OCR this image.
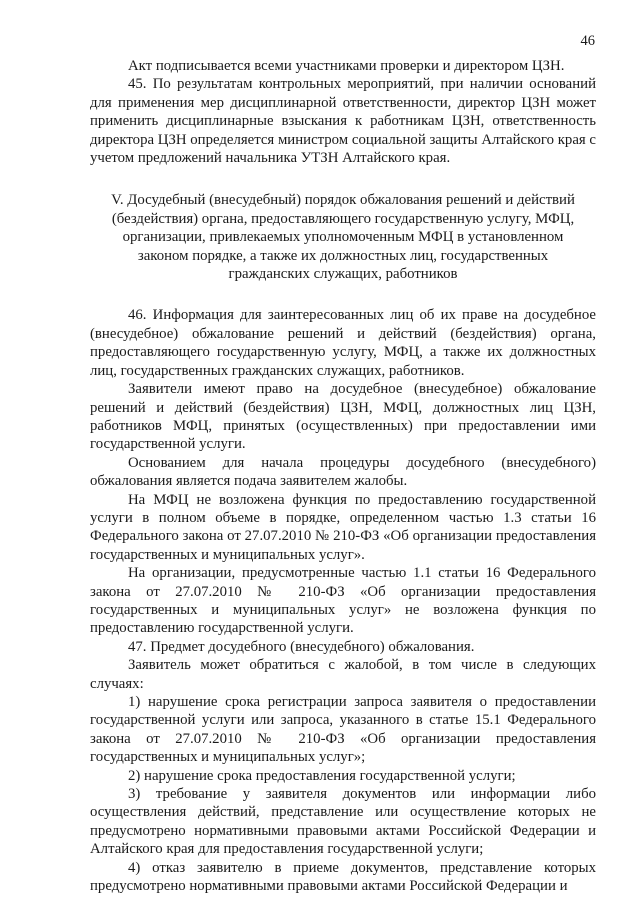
46

Акт подписывается всеми участниками проверки и директором ЦЗН.

45. По результатам контрольных мероприятий, при наличии оснований для применения мер дисциплинарной ответственности, директор ЦЗН может применить дисциплинарные взыскания к работникам ЦЗН, ответственность директора ЦЗН определяется министром социальной защиты Алтайского края с учетом предложений начальника УТЗН Алтайского края.

V. Досудебный (внесудебный) порядок обжалования решений и действий (бездействия) органа, предоставляющего государственную услугу, МФЦ, организации, привлекаемых уполномоченным МФЦ в установленном законом порядке, а также их должностных лиц, государственных гражданских служащих, работников

46. Информация для заинтересованных лиц об их праве на досудебное (внесудебное) обжалование решений и действий (бездействия) органа, предоставляющего государственную услугу, МФЦ, а также их должностных лиц, государственных гражданских служащих, работников.

Заявители имеют право на досудебное (внесудебное) обжалование решений и действий (бездействия) ЦЗН, МФЦ, должностных лиц ЦЗН, работников МФЦ, принятых (осуществленных) при предоставлении ими государственной услуги.

Основанием для начала процедуры досудебного (внесудебного) обжалования является подача заявителем жалобы.

На МФЦ не возложена функция по предоставлению государственной услуги в полном объеме в порядке, определенном частью 1.3 статьи 16 Федерального закона от 27.07.2010 № 210-ФЗ «Об организации предоставления государственных и муниципальных услуг».

На организации, предусмотренные частью 1.1 статьи 16 Федерального закона от 27.07.2010 № 210-ФЗ «Об организации предоставления государственных и муниципальных услуг» не возложена функция по предоставлению государственной услуги.

47. Предмет досудебного (внесудебного) обжалования.

Заявитель может обратиться с жалобой, в том числе в следующих случаях:

1) нарушение срока регистрации запроса заявителя о предоставлении государственной услуги или запроса, указанного в статье 15.1 Федерального закона от 27.07.2010 № 210-ФЗ «Об организации предоставления государственных и муниципальных услуг»;

2) нарушение срока предоставления государственной услуги;

3) требование у заявителя документов или информации либо осуществления действий, представление или осуществление которых не предусмотрено нормативными правовыми актами Российской Федерации и Алтайского края для предоставления государственной услуги;

4) отказ заявителю в приеме документов, представление которых предусмотрено нормативными правовыми актами Российской Федерации и
